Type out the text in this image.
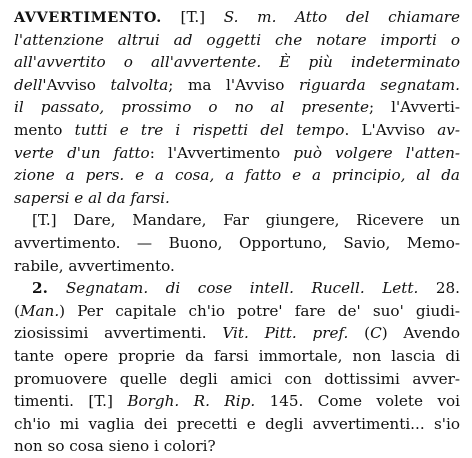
AVVERTIMENTO. [T.] S. m. Atto del chiamare
l'attenzione altrui ad oggetti che notare importi o
all'avvertito o all'avvertente. È più indeterminato
dell'Avviso talvolta; ma l'Avviso riguarda segnatam.
il passato, prossimo o no al presente; l'Avverti-
mento tutti e tre i rispetti del tempo. L'Avviso av-
verte d'un fatto: l'Avvertimento può volgere l'atten-
zione a pers. e a cosa, a fatto e a principio, al da
sapersi e al da farsi.
[T.] Dare, Mandare, Far giungere, Ricevere un
avvertimento. — Buono, Opportuno, Savio, Memo-
rabile, avvertimento.
2. Segnatam. di cose intell. Rucell. Lett. 28.
(Man.) Per capitale ch'io potre' fare de' suo' giudi-
ziosissimi avvertimenti. Vit. Pitt. pref. (C) Avendo
tante opere proprie da farsi immortale, non lascia di
promuovere quelle degli amici con dottissimi avver-
timenti. [T.] Borgh. R. Rip. 145. Come volete voi
ch'io mi vaglia dei precetti e degli avvertimenti... s'io
non so cosa sieno i colori?
